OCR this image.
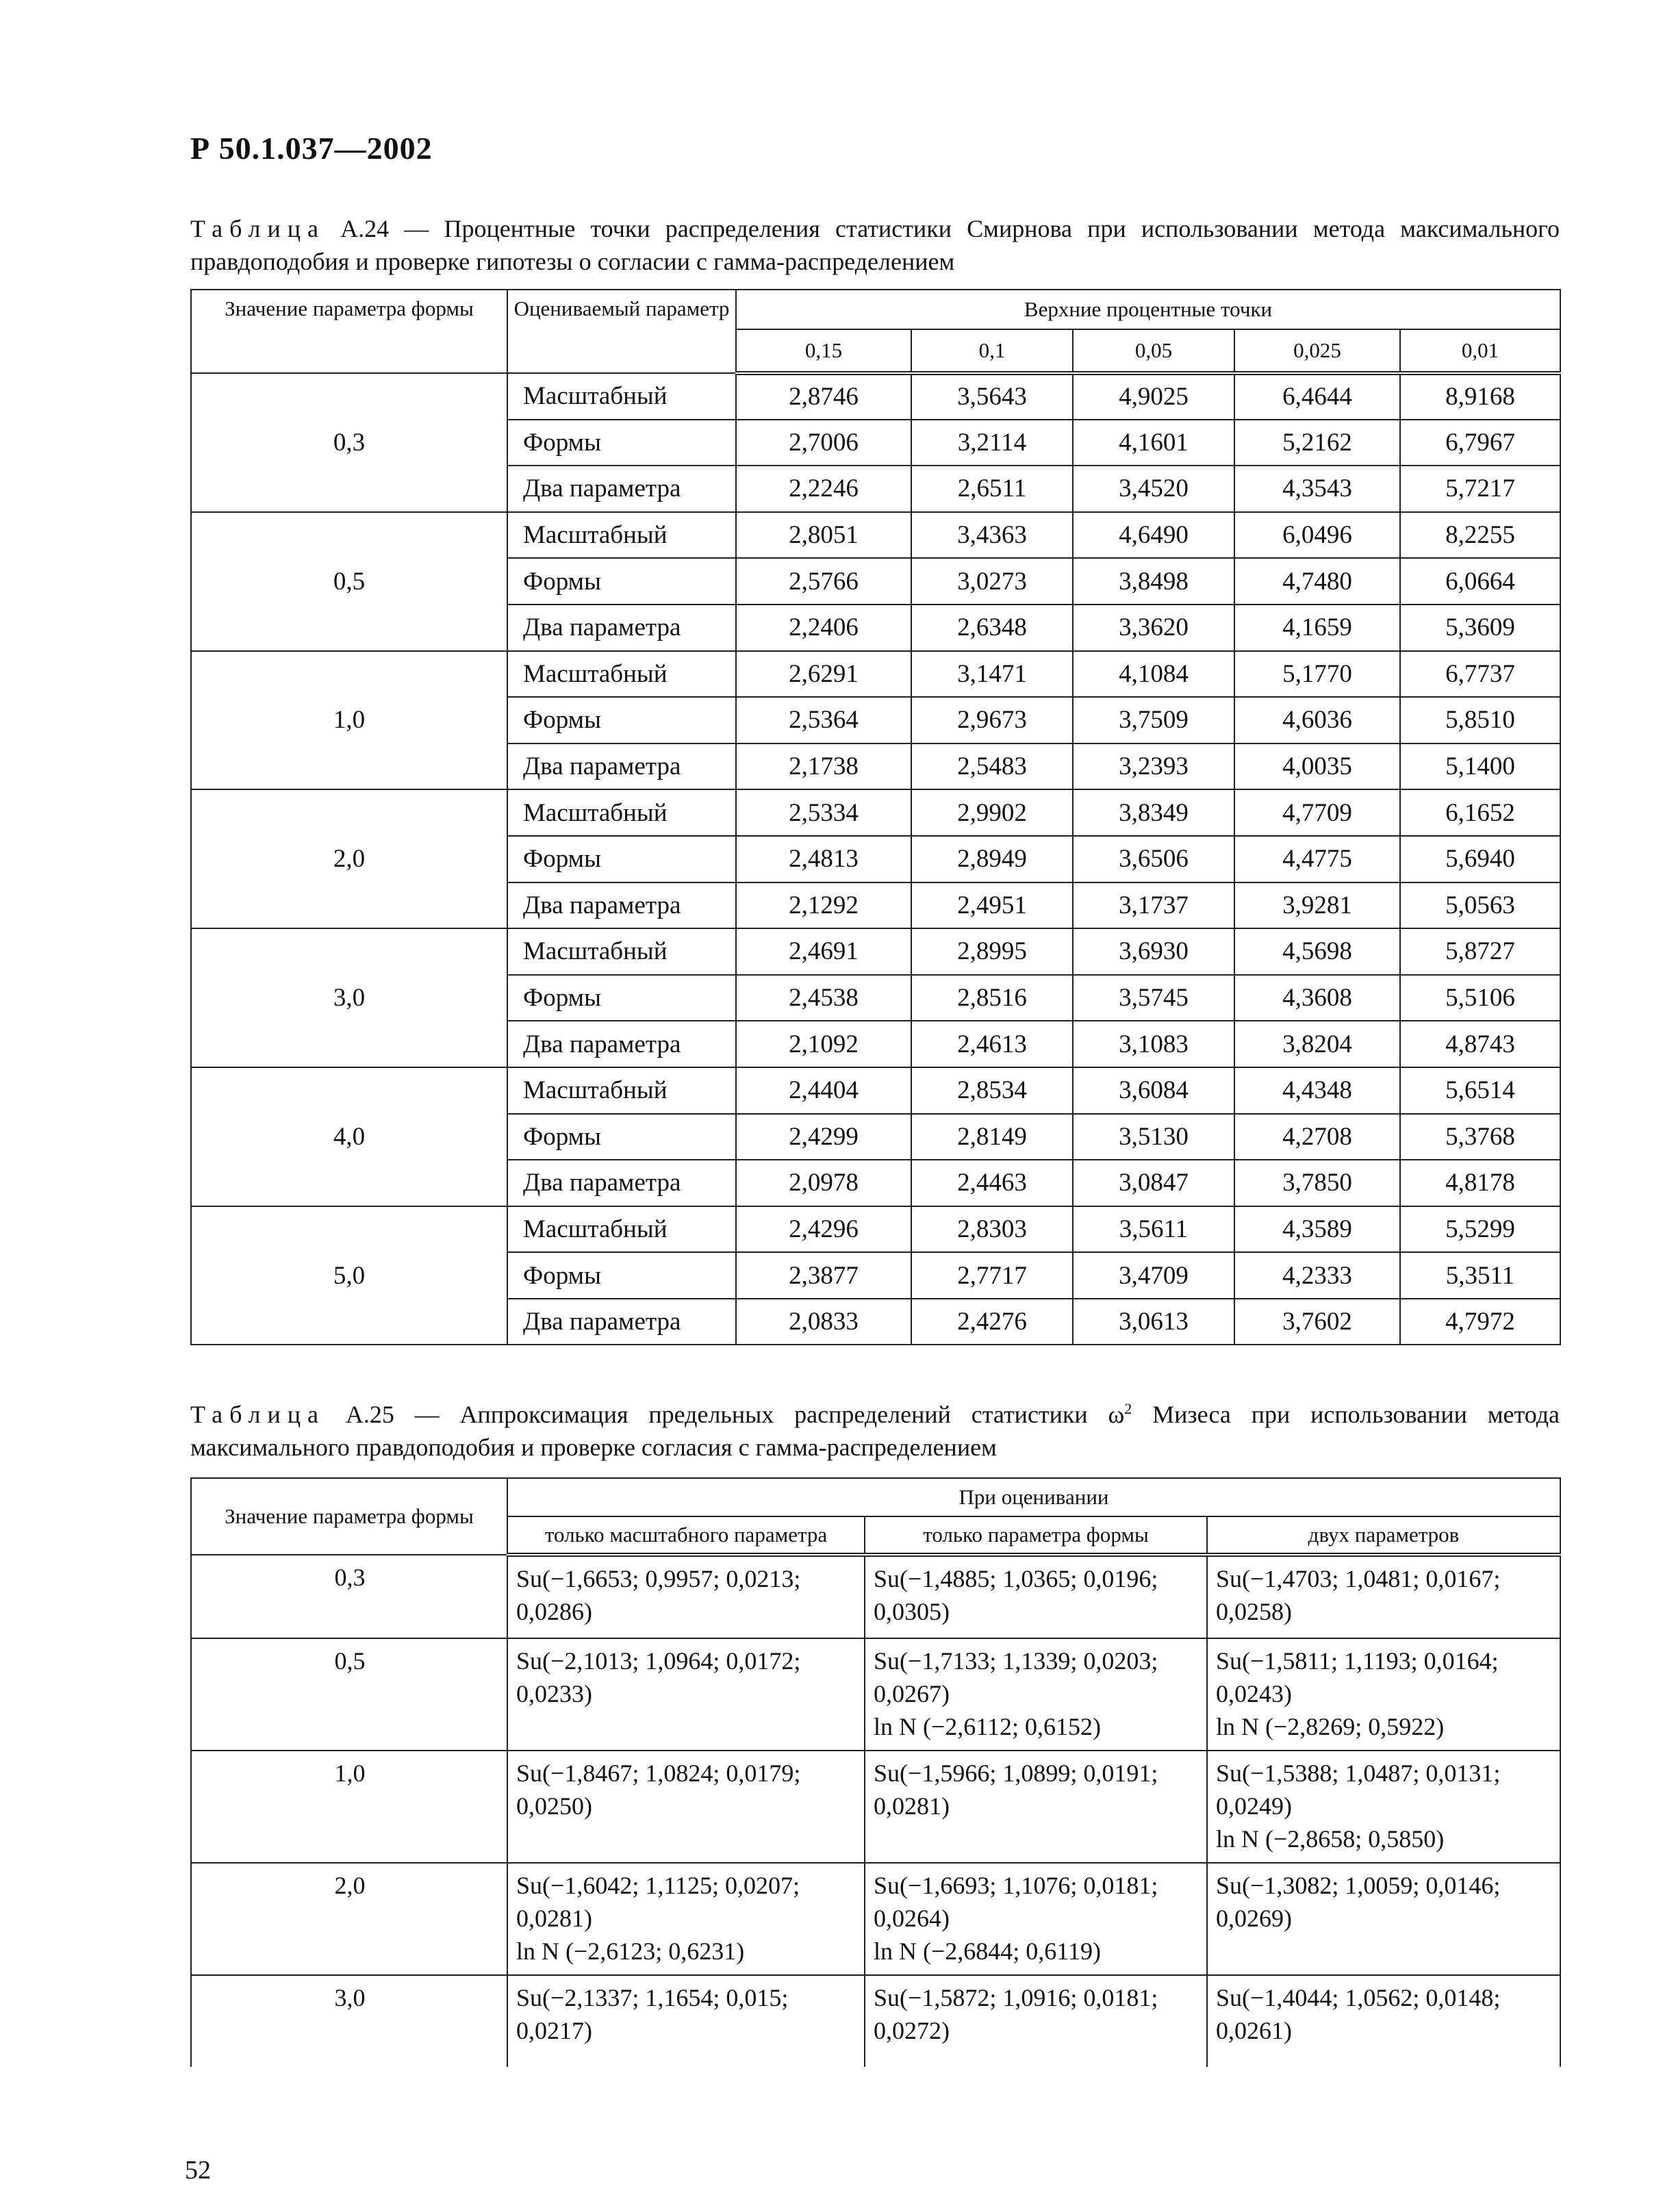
Р 50.1.037—2002
Таблица А.24 — Процентные точки распределения статистики Смирнова при использовании метода максимального правдоподобия и проверке гипотезы о согласии с гамма-распределением
Значение параметра формы	Оцениваемый параметр	Верхние процентные точки				
		0,15	0,1	0,05	0,025	0,01
0,3	Масштабный	2,8746	3,5643	4,9025	6,4644	8,9168
	Формы	2,7006	3,2114	4,1601	5,2162	6,7967
	Два параметра	2,2246	2,6511	3,4520	4,3543	5,7217
0,5	Масштабный	2,8051	3,4363	4,6490	6,0496	8,2255
	Формы	2,5766	3,0273	3,8498	4,7480	6,0664
	Два параметра	2,2406	2,6348	3,3620	4,1659	5,3609
1,0	Масштабный	2,6291	3,1471	4,1084	5,1770	6,7737
	Формы	2,5364	2,9673	3,7509	4,6036	5,8510
	Два параметра	2,1738	2,5483	3,2393	4,0035	5,1400
2,0	Масштабный	2,5334	2,9902	3,8349	4,7709	6,1652
	Формы	2,4813	2,8949	3,6506	4,4775	5,6940
	Два параметра	2,1292	2,4951	3,1737	3,9281	5,0563
3,0	Масштабный	2,4691	2,8995	3,6930	4,5698	5,8727
	Формы	2,4538	2,8516	3,5745	4,3608	5,5106
	Два параметра	2,1092	2,4613	3,1083	3,8204	4,8743
4,0	Масштабный	2,4404	2,8534	3,6084	4,4348	5,6514
	Формы	2,4299	2,8149	3,5130	4,2708	5,3768
	Два параметра	2,0978	2,4463	3,0847	3,7850	4,8178
5,0	Масштабный	2,4296	2,8303	3,5611	4,3589	5,5299
	Формы	2,3877	2,7717	3,4709	4,2333	5,3511
	Два параметра	2,0833	2,4276	3,0613	3,7602	4,7972
Таблица А.25 — Аппроксимация предельных распределений статистики $\omega^2$ Мизеса при использовании метода максимального правдоподобия и проверке согласия с гамма-распределением
Значение параметра формы	При оценивании		
	только масштабного параметра	только параметра формы	двух параметров
0,3	Su(−1,6653; 0,9957; 0,0213;
0,0286)	Su(−1,4885; 1,0365; 0,0196;
0,0305)	Su(−1,4703; 1,0481; 0,0167;
0,0258)

0,5	Su(−2,1013; 1,0964; 0,0172;
0,0233)	Su(−1,7133; 1,1339; 0,0203;
0,0267)
ln N (−2,6112; 0,6152)	Su(−1,5811; 1,1193; 0,0164;
0,0243)
ln N (−2,8269; 0,5922)

1,0	Su(−1,8467; 1,0824; 0,0179;
0,0250)	Su(−1,5966; 1,0899; 0,0191;
0,0281)	Su(−1,5388; 1,0487; 0,0131;
0,0249)
ln N (−2,8658; 0,5850)

2,0	Su(−1,6042; 1,1125; 0,0207;
0,0281)
ln N (−2,6123; 0,6231)	Su(−1,6693; 1,1076; 0,0181;
0,0264)
ln N (−2,6844; 0,6119)	Su(−1,3082; 1,0059; 0,0146;
0,0269)

3,0	Su(−2,1337; 1,1654; 0,015;
0,0217)	Su(−1,5872; 1,0916; 0,0181;
0,0272)	Su(−1,4044; 1,0562; 0,0148;
0,0261)
52
